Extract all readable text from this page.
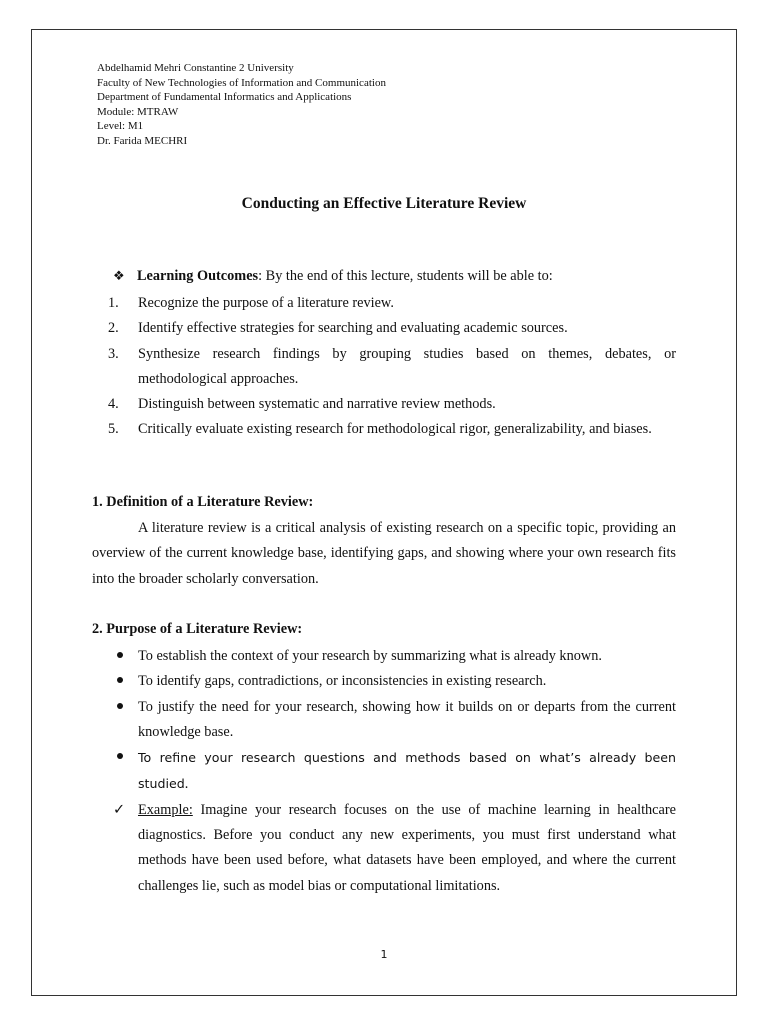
Abdelhamid Mehri Constantine 2 University
Faculty of New Technologies of Information and Communication
Department of Fundamental Informatics and Applications
Module: MTRAW
Level: M1
Dr. Farida MECHRI
Conducting an Effective Literature Review
❖ Learning Outcomes: By the end of this lecture, students will be able to:
1.	Recognize the purpose of a literature review.
2.	Identify effective strategies for searching and evaluating academic sources.
3.	Synthesize research findings by grouping studies based on themes, debates, or methodological approaches.
4.	Distinguish between systematic and narrative review methods.
5.	Critically evaluate existing research for methodological rigor, generalizability, and biases.
1. Definition of a Literature Review:
A literature review is a critical analysis of existing research on a specific topic, providing an overview of the current knowledge base, identifying gaps, and showing where your own research fits into the broader scholarly conversation.
2. Purpose of a Literature Review:
To establish the context of your research by summarizing what is already known.
To identify gaps, contradictions, or inconsistencies in existing research.
To justify the need for your research, showing how it builds on or departs from the current knowledge base.
To refine your research questions and methods based on what’s already been studied.
✓ Example: Imagine your research focuses on the use of machine learning in healthcare diagnostics. Before you conduct any new experiments, you must first understand what methods have been used before, what datasets have been employed, and where the current challenges lie, such as model bias or computational limitations.
1
